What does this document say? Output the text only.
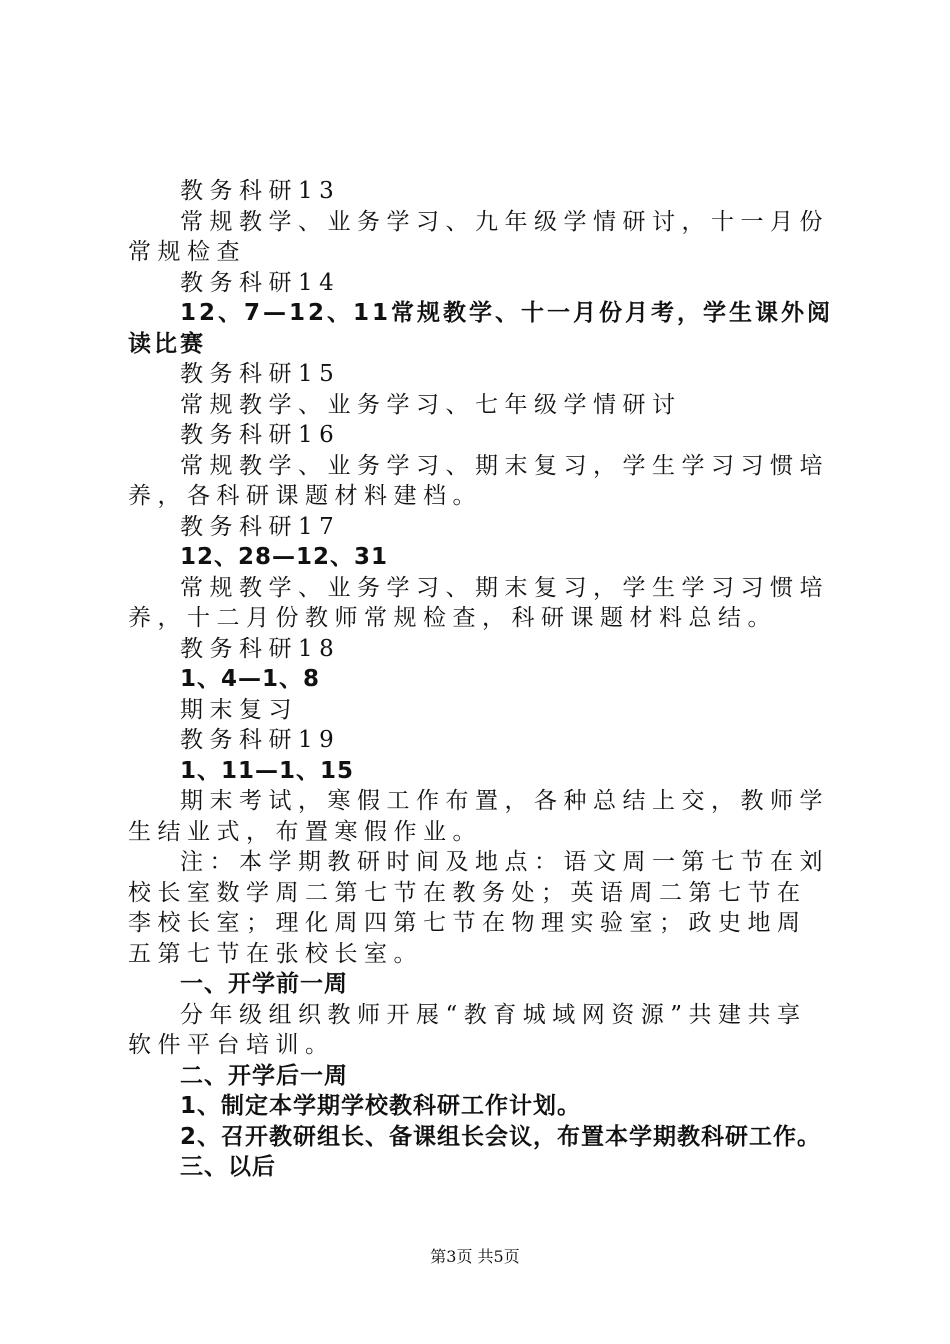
教务科研13

常规教学、业务学习、九年级学情研讨，十一月份常规检查

教务科研14

12、7—12、11常规教学、十一月份月考，学生课外阅读比赛

教务科研15

常规教学、业务学习、七年级学情研讨

教务科研16

常规教学、业务学习、期末复习，学生学习习惯培养，各科研课题材料建档。

教务科研17

12、28—12、31

常规教学、业务学习、期末复习，学生学习习惯培养，十二月份教师常规检查，科研课题材料总结。

教务科研18

1、4—1、8

期末复习

教务科研19

1、11—1、15

期末考试，寒假工作布置，各种总结上交，教师学生结业式，布置寒假作业。

注：本学期教研时间及地点：语文周一第七节在刘校长室数学周二第七节在教务处；英语周二第七节在李校长室；理化周四第七节在物理实验室；政史地周五第七节在张校长室。

一、开学前一周

分年级组织教师开展“教育城域网资源”共建共享软件平台培训。

二、开学后一周

1、制定本学期学校教科研工作计划。

2、召开教研组长、备课组长会议，布置本学期教科研工作。

三、以后

第3页 共5页
